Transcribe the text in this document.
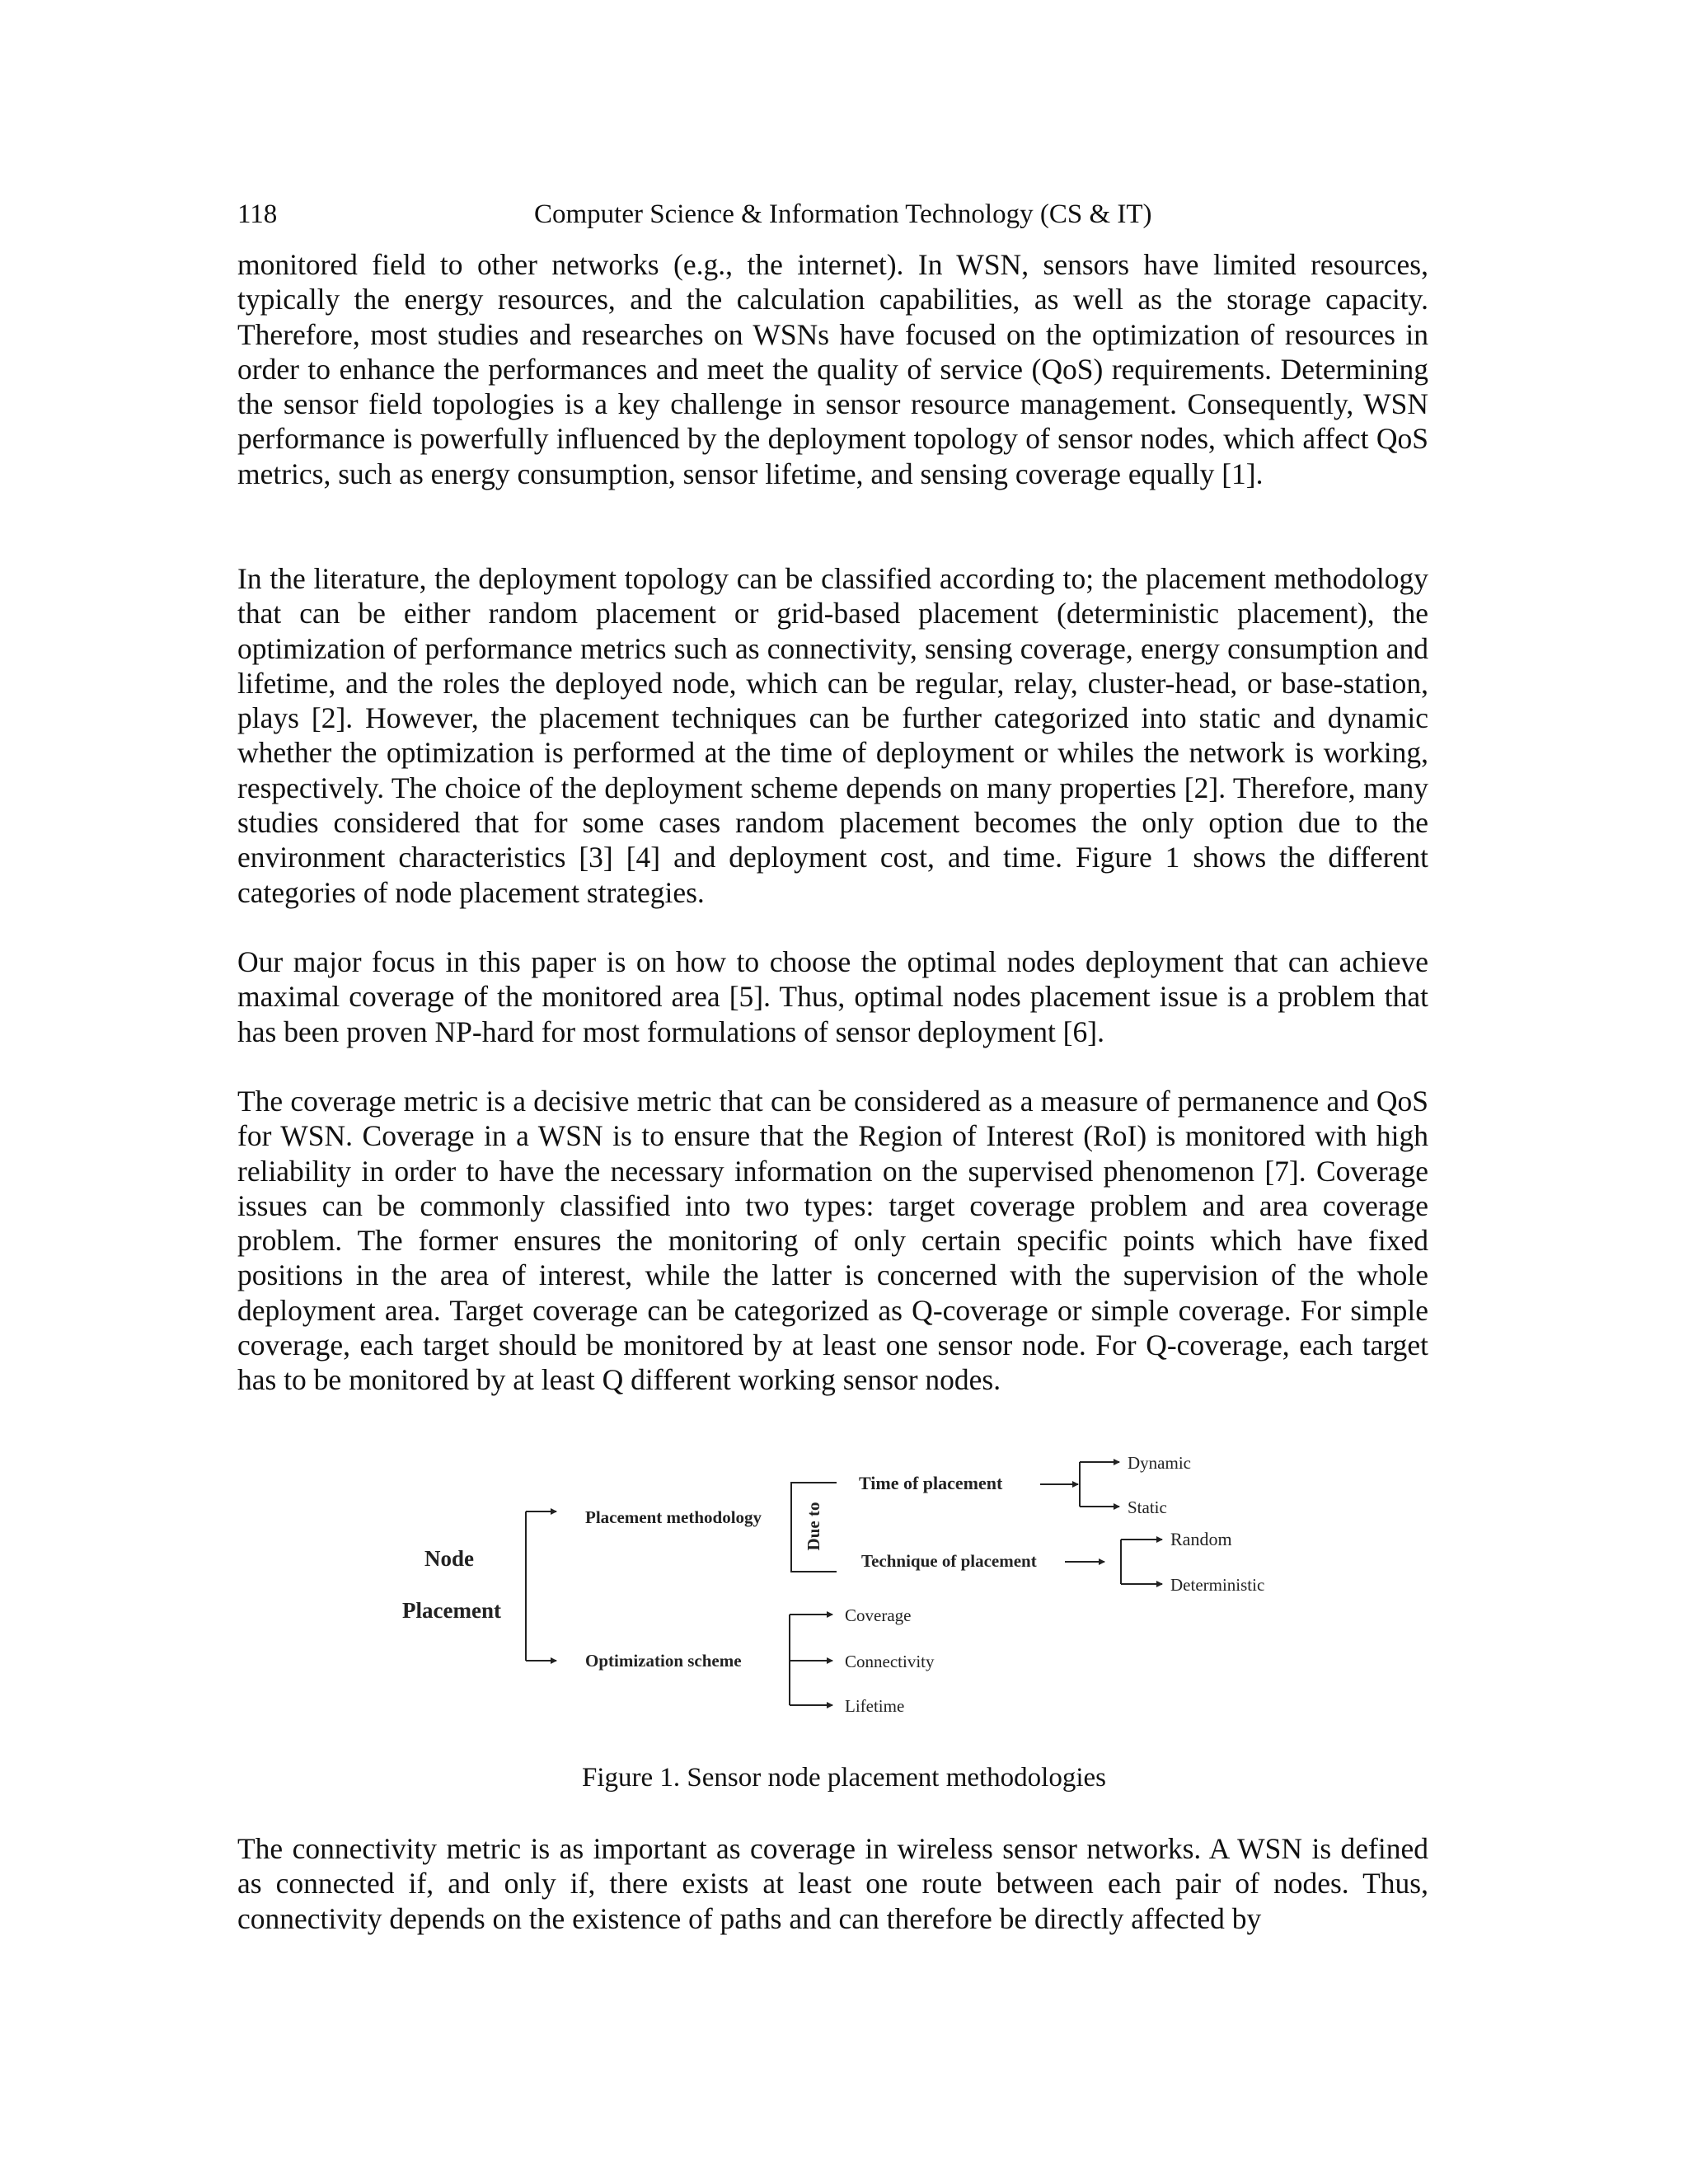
118	Computer Science & Information Technology (CS & IT)

monitored field to other networks (e.g., the internet). In WSN, sensors have limited resources, typically the energy resources, and the calculation capabilities, as well as the storage capacity. Therefore, most studies and researches on WSNs have focused on the optimization of resources in order to enhance the performances and meet the quality of service (QoS) requirements. Determining the sensor field topologies is a key challenge in sensor resource management. Consequently, WSN performance is powerfully influenced by the deployment topology of sensor nodes, which affect QoS metrics, such as energy consumption, sensor lifetime, and sensing coverage equally [1].

In the literature, the deployment topology can be classified according to; the placement methodology that can be either random placement or grid-based placement (deterministic placement), the optimization of performance metrics such as connectivity, sensing coverage, energy consumption and lifetime, and the roles the deployed node, which can be regular, relay, cluster-head, or base-station, plays [2]. However, the placement techniques can be further categorized into static and dynamic whether the optimization is performed at the time of deployment or whiles the network is working, respectively. The choice of the deployment scheme depends on many properties [2]. Therefore, many studies considered that for some cases random placement becomes the only option due to the environment characteristics [3] [4] and deployment cost, and time. Figure 1 shows the different categories of node placement strategies.

Our major focus in this paper is on how to choose the optimal nodes deployment that can achieve maximal coverage of the monitored area [5]. Thus, optimal nodes placement issue is a problem that has been proven NP-hard for most formulations of sensor deployment [6].

The coverage metric is a decisive metric that can be considered as a measure of permanence and QoS for WSN. Coverage in a WSN is to ensure that the Region of Interest (RoI) is monitored with high reliability in order to have the necessary information on the supervised phenomenon [7]. Coverage issues can be commonly classified into two types: target coverage problem and area coverage problem. The former ensures the monitoring of only certain specific points which have fixed positions in the area of interest, while the latter is concerned with the supervision of the whole deployment area. Target coverage can be categorized as Q-coverage or simple coverage. For simple coverage, each target should be monitored by at least one sensor node. For Q-coverage, each target has to be monitored by at least Q different working sensor nodes.

Node
Placement
Placement methodology
Optimization scheme
Due to
Time of placement
Technique of placement
Dynamic
Static
Random
Deterministic
Coverage
Connectivity
Lifetime
Figure 1. Sensor node placement methodologies

The connectivity metric is as important as coverage in wireless sensor networks. A WSN is defined as connected if, and only if, there exists at least one route between each pair of nodes. Thus, connectivity depends on the existence of paths and can therefore be directly affected by
